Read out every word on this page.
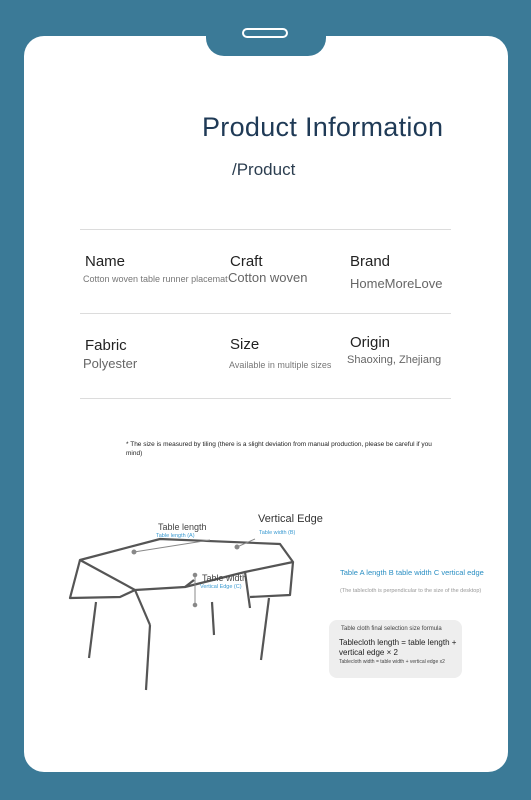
Product Information
/Product
Name
Cotton woven table runner placemat
Craft
Cotton woven
Brand
HomeMoreLove
Fabric
Polyester
Size
Available in multiple sizes
Origin
Shaoxing, Zhejiang
* The size is measured by tiling (there is a slight deviation from manual production, please be careful if you mind)
Table length
Table length (A)
Vertical Edge
Table width (B)
Table width
Vertical Edge (C)
Table A length B table width C vertical edge
(The tablecloth is perpendicular to the size of the desktop)
Table cloth final selection size formula
Tablecloth length = table length + vertical edge × 2
Tablecloth width = table width + vertical edge x2
